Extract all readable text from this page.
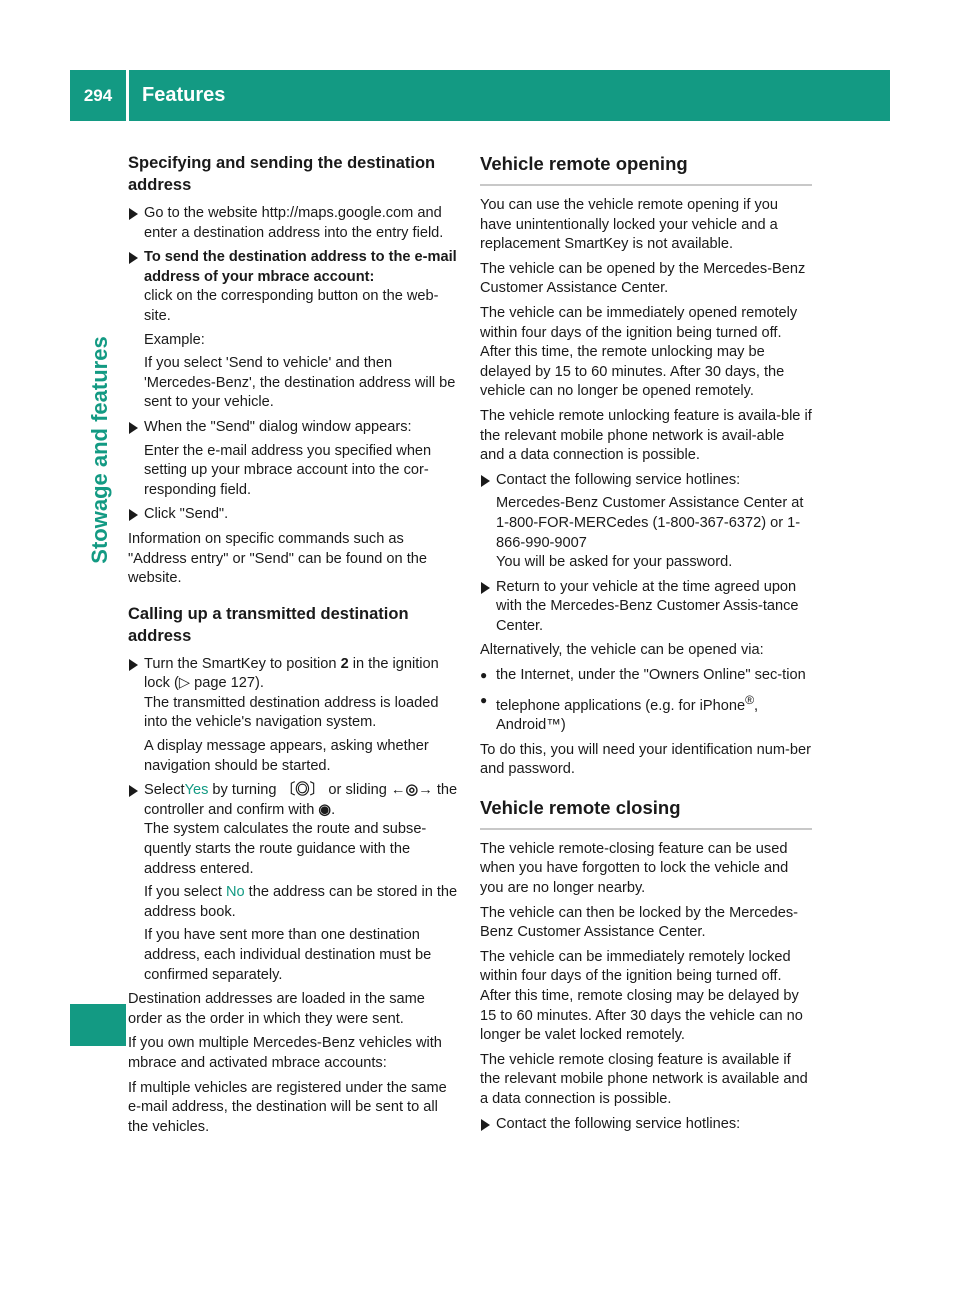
294	Features
Stowage and features
Specifying and sending the destination address
Go to the website http://maps.google.com and enter a destination address into the entry field.
To send the destination address to the e-mail address of your mbrace account:
click on the corresponding button on the web-site.
Example:
If you select 'Send to vehicle' and then 'Mercedes-Benz', the destination address will be sent to your vehicle.
When the "Send" dialog window appears:
Enter the e-mail address you specified when setting up your mbrace account into the cor-responding field.
Click "Send".

Information on specific commands such as "Address entry" or "Send" can be found on the website.

Calling up a transmitted destination address
Turn the SmartKey to position 2 in the ignition lock (▷ page 127).
The transmitted destination address is loaded into the vehicle's navigation system.
A display message appears, asking whether navigation should be started.
SelectYes by turning 〔◎〕 or sliding ←◎→ the controller and confirm with ◉.
The system calculates the route and subse-quently starts the route guidance with the address entered.
If you select No the address can be stored in the address book.
If you have sent more than one destination address, each individual destination must be confirmed separately.

Destination addresses are loaded in the same order as the order in which they were sent.

If you own multiple Mercedes-Benz vehicles with mbrace and activated mbrace accounts:

If multiple vehicles are registered under the same e-mail address, the destination will be sent to all the vehicles.

Vehicle remote opening

You can use the vehicle remote opening if you have unintentionally locked your vehicle and a replacement SmartKey is not available.

The vehicle can be opened by the Mercedes-Benz Customer Assistance Center.

The vehicle can be immediately opened remotely within four days of the ignition being turned off. After this time, the remote unlocking may be delayed by 15 to 60 minutes. After 30 days, the vehicle can no longer be opened remotely.

The vehicle remote unlocking feature is availa-ble if the relevant mobile phone network is avail-able and a data connection is possible.

Contact the following service hotlines:
Mercedes-Benz Customer Assistance Center at 1-800-FOR-MERCedes (1-800-367-6372) or 1-866-990-9007
You will be asked for your password.
Return to your vehicle at the time agreed upon with the Mercedes-Benz Customer Assis-tance Center.

Alternatively, the vehicle can be opened via:

● the Internet, under the "Owners Online" sec-tion
● telephone applications (e.g. for iPhone®, Android™)

To do this, you will need your identification num-ber and password.

Vehicle remote closing

The vehicle remote-closing feature can be used when you have forgotten to lock the vehicle and you are no longer nearby.

The vehicle can then be locked by the Mercedes-Benz Customer Assistance Center.

The vehicle can be immediately remotely locked within four days of the ignition being turned off. After this time, remote closing may be delayed by 15 to 60 minutes. After 30 days the vehicle can no longer be valet locked remotely.

The vehicle remote closing feature is available if the relevant mobile phone network is available and a data connection is possible.

Contact the following service hotlines:
